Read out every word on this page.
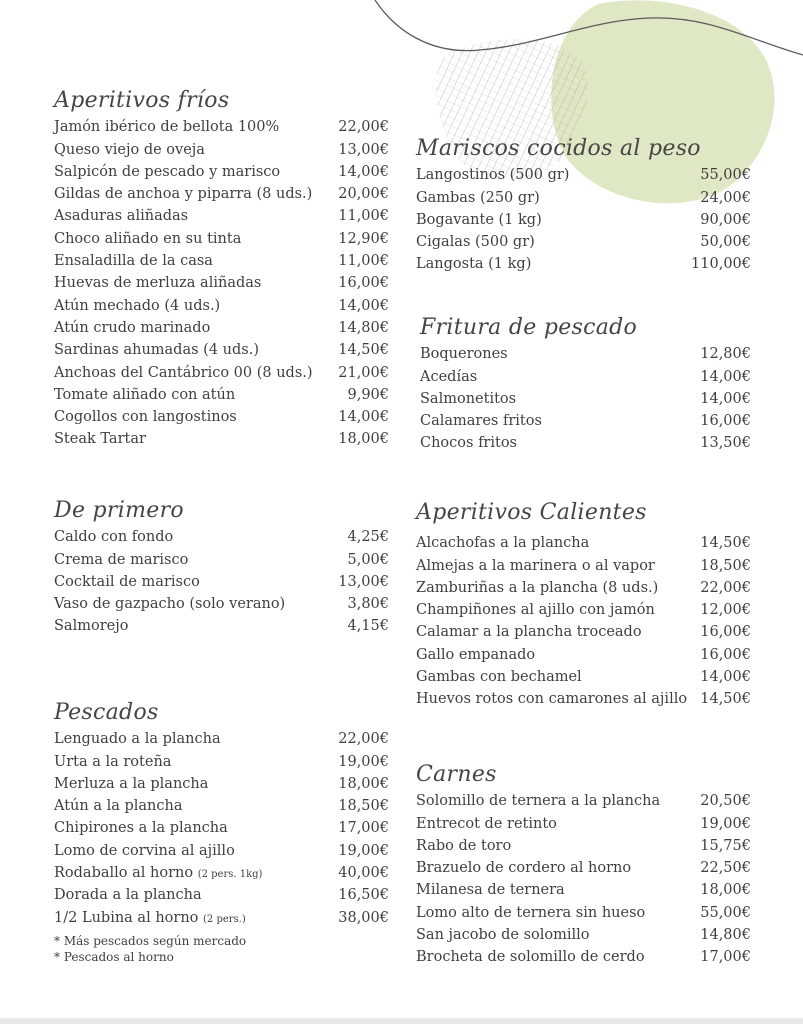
Aperitivos fríos
Jamón ibérico de bellota 100%	22,00€
Queso viejo de oveja	13,00€
Salpicón de pescado y marisco	14,00€
Gildas de anchoa y piparra (8 uds.) 20,00€
Asaduras aliñadas	11,00€
Choco aliñado en su tinta	12,90€
Ensaladilla de la casa	11,00€
Huevas de merluza aliñadas	16,00€
Atún mechado (4 uds.)	14,00€
Atún crudo marinado	14,80€
Sardinas ahumadas (4 uds.)	14,50€
Anchoas del Cantábrico 00 (8 uds.) 21,00€
Tomate aliñado con atún	9,90€
Cogollos con langostinos	14,00€
Steak Tartar	18,00€
De primero
Caldo con fondo	4,25€
Crema de marisco	5,00€
Cocktail de marisco	13,00€
Vaso de gazpacho (solo verano)	3,80€
Salmorejo	4,15€
Pescados
Lenguado a la plancha	22,00€
Urta a la roteña	19,00€
Merluza a la plancha	18,00€
Atún a la plancha	18,50€
Chipirones a la plancha	17,00€
Lomo de corvina al ajillo	19,00€
Rodaballo al horno (2 pers. 1kg)	40,00€
Dorada a la plancha	16,50€
1/2 Lubina al horno (2 pers.)	38,00€
* Más pescados según mercado
* Pescados al horno
Mariscos cocidos al peso
Langostinos (500 gr)	55,00€
Gambas (250 gr)	24,00€
Bogavante (1 kg)	90,00€
Cigalas (500 gr)	50,00€
Langosta (1 kg)	110,00€
Fritura de pescado
Boquerones	12,80€
Acedías	14,00€
Salmonetitos	14,00€
Calamares fritos	16,00€
Chocos fritos	13,50€
Aperitivos Calientes
Alcachofas a la plancha	14,50€
Almejas a la marinera o al vapor	18,50€
Zamburiñas a la plancha (8 uds.)	22,00€
Champiñones al ajillo con jamón	12,00€
Calamar a la plancha troceado	16,00€
Gallo empanado	16,00€
Gambas con bechamel	14,00€
Huevos rotos con camarones al ajillo 14,50€
Carnes
Solomillo de ternera a la plancha	20,50€
Entrecot de retinto	19,00€
Rabo de toro	15,75€
Brazuelo de cordero al horno	22,50€
Milanesa de ternera	18,00€
Lomo alto de ternera sin hueso	55,00€
San jacobo de solomillo	14,80€
Brocheta de solomillo de cerdo	17,00€
